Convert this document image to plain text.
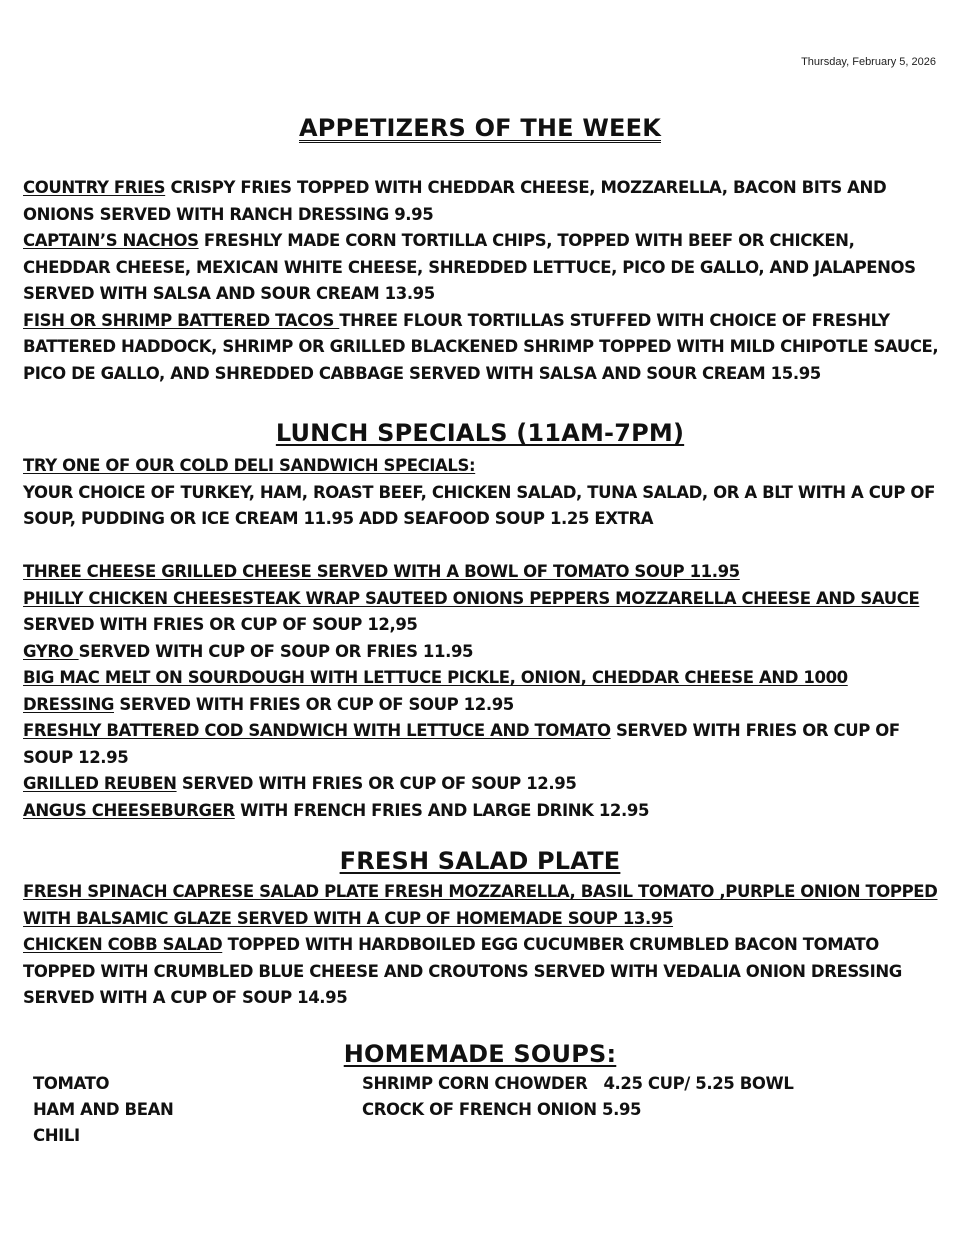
Thursday, February 5, 2026
APPETIZERS OF THE WEEK

COUNTRY FRIES CRISPY FRIES TOPPED WITH CHEDDAR CHEESE, MOZZARELLA, BACON BITS AND ONIONS SERVED WITH RANCH DRESSING 9.95

CAPTAIN’S NACHOS FRESHLY MADE CORN TORTILLA CHIPS, TOPPED WITH BEEF OR CHICKEN, CHEDDAR CHEESE, MEXICAN WHITE CHEESE, SHREDDED LETTUCE, PICO DE GALLO, AND JALAPENOS SERVED WITH SALSA AND SOUR CREAM 13.95

FISH OR SHRIMP BATTERED TACOS THREE FLOUR TORTILLAS STUFFED WITH CHOICE OF FRESHLY BATTERED HADDOCK, SHRIMP OR GRILLED BLACKENED SHRIMP TOPPED WITH MILD CHIPOTLE SAUCE, PICO DE GALLO, AND SHREDDED CABBAGE SERVED WITH SALSA AND SOUR CREAM 15.95

LUNCH SPECIALS (11AM-7PM)

TRY ONE OF OUR COLD DELI SANDWICH SPECIALS:

YOUR CHOICE OF TURKEY, HAM, ROAST BEEF, CHICKEN SALAD, TUNA SALAD, OR A BLT WITH A CUP OF SOUP, PUDDING OR ICE CREAM 11.95 ADD SEAFOOD SOUP 1.25 EXTRA

THREE CHEESE GRILLED CHEESE SERVED WITH A BOWL OF TOMATO SOUP 11.95

PHILLY CHICKEN CHEESESTEAK WRAP SAUTEED ONIONS PEPPERS MOZZARELLA CHEESE AND SAUCE SERVED WITH FRIES OR CUP OF SOUP 12,95

GYRO SERVED WITH CUP OF SOUP OR FRIES 11.95

BIG MAC MELT ON SOURDOUGH WITH LETTUCE PICKLE, ONION, CHEDDAR CHEESE AND 1000 DRESSING SERVED WITH FRIES OR CUP OF SOUP 12.95

FRESHLY BATTERED COD SANDWICH WITH LETTUCE AND TOMATO SERVED WITH FRIES OR CUP OF SOUP 12.95

GRILLED REUBEN SERVED WITH FRIES OR CUP OF SOUP 12.95

ANGUS CHEESEBURGER WITH FRENCH FRIES AND LARGE DRINK 12.95

FRESH SALAD PLATE

FRESH SPINACH CAPRESE SALAD PLATE FRESH MOZZARELLA, BASIL TOMATO ,PURPLE ONION TOPPED WITH BALSAMIC GLAZE SERVED WITH A CUP OF HOMEMADE SOUP 13.95

CHICKEN COBB SALAD TOPPED WITH HARDBOILED EGG CUCUMBER CRUMBLED BACON TOMATO TOPPED WITH CRUMBLED BLUE CHEESE AND CROUTONS SERVED WITH VEDALIA ONION DRESSING SERVED WITH A CUP OF SOUP 14.95

HOMEMADE SOUPS:
TOMATO
HAM AND BEAN
CHILI
SHRIMP CORN CHOWDER   4.25 CUP/ 5.25 BOWL
CROCK OF FRENCH ONION 5.95
